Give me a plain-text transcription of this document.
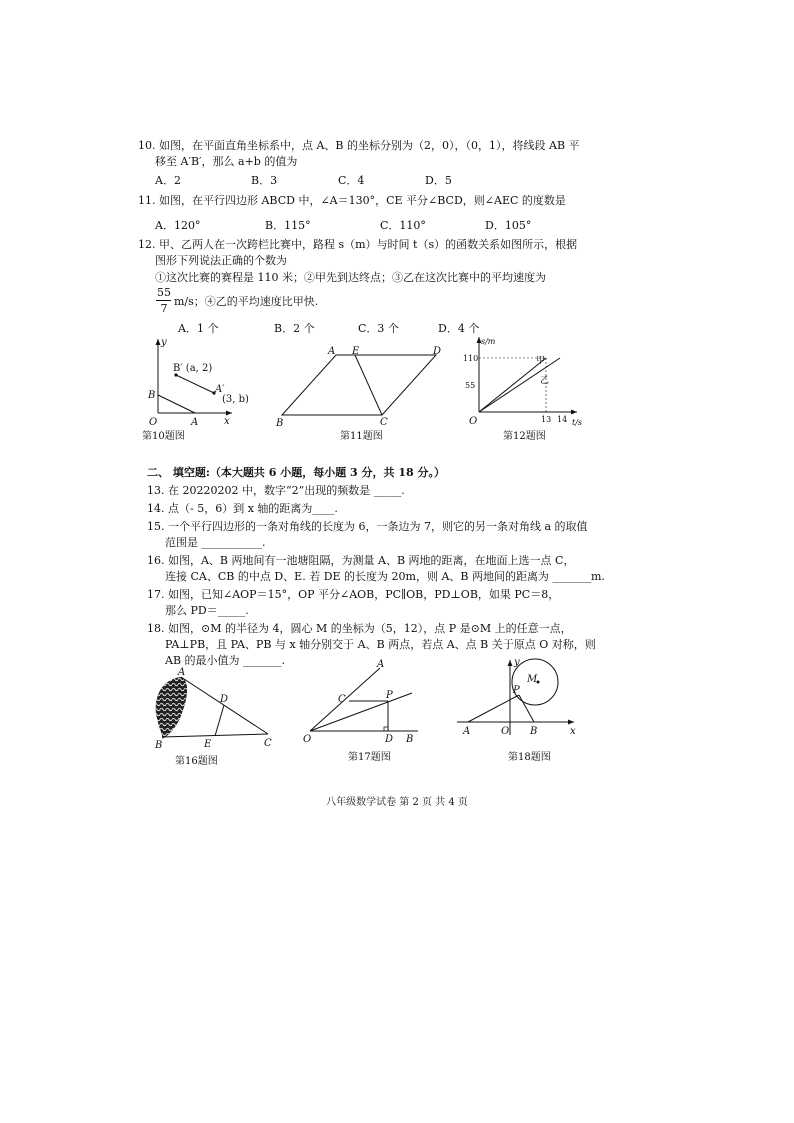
10. 如图，在平面直角坐标系中，点 A、B 的坐标分别为（2，0），（0，1），将线段 AB 平
移至 A′B′，那么 a+b 的值为
A．2	B．3	C．4	D．5
11. 如图，在平行四边形 ABCD 中，∠A＝130°，CE 平分∠BCD，则∠AEC 的度数是
A．120°	B．115°	C．110°	D．105°
12. 甲、乙两人在一次跨栏比赛中，路程 s（m）与时间 t（s）的函数关系如图所示，根据
图形下列说法正确的个数为
①这次比赛的赛程是 110 米；②甲先到达终点；③乙在这次比赛中的平均速度为
55
7
m/s；④乙的平均速度比甲快.
A．1 个	B．2 个	C．3 个	D．4 个
y
x
O	A
B
B′ (a, 2)
A′
(3, b)
第10题图
A E	D
B	C
第11题图
s/m
t/s
O
110
55
13 14
甲
乙
第12题图
二、 填空题:（本大题共 6 小题，每小题 3 分，共 18 分。）
13. 在 20220202 中，数字“2”出现的频数是 _____.
14. 点（- 5，6）到 x 轴的距离为____.
15. 一个平行四边形的一条对角线的长度为 6，一条边为 7，则它的另一条对角线 a 的取值
范围是 ___________.
16. 如图，A、B 两地间有一池塘阻隔，为测量 A、B 两地的距离，在地面上选一点 C，
连接 CA、CB 的中点 D、E. 若 DE 的长度为 20m，则 A、B 两地间的距离为 _______m.
17. 如图，已知∠AOP＝15°，OP 平分∠AOB，PC∥OB，PD⊥OB，如果 PC＝8，
那么 PD＝_____.
18. 如图，⊙M 的半径为 4，圆心 M 的坐标为（5，12），点 P 是⊙M 上的任意一点，
PA⊥PB，且 PA、PB 与 x 轴分别交于 A、B 两点，若点 A、点 B 关于原点 O 对称，则
AB 的最小值为 _______.
A
D
B	E	C
第16题图
A
C	P
O	D B
第17题图
y
x
M
P
A	O B
第18题图
八年级数学试卷 第 2 页 共 4 页
